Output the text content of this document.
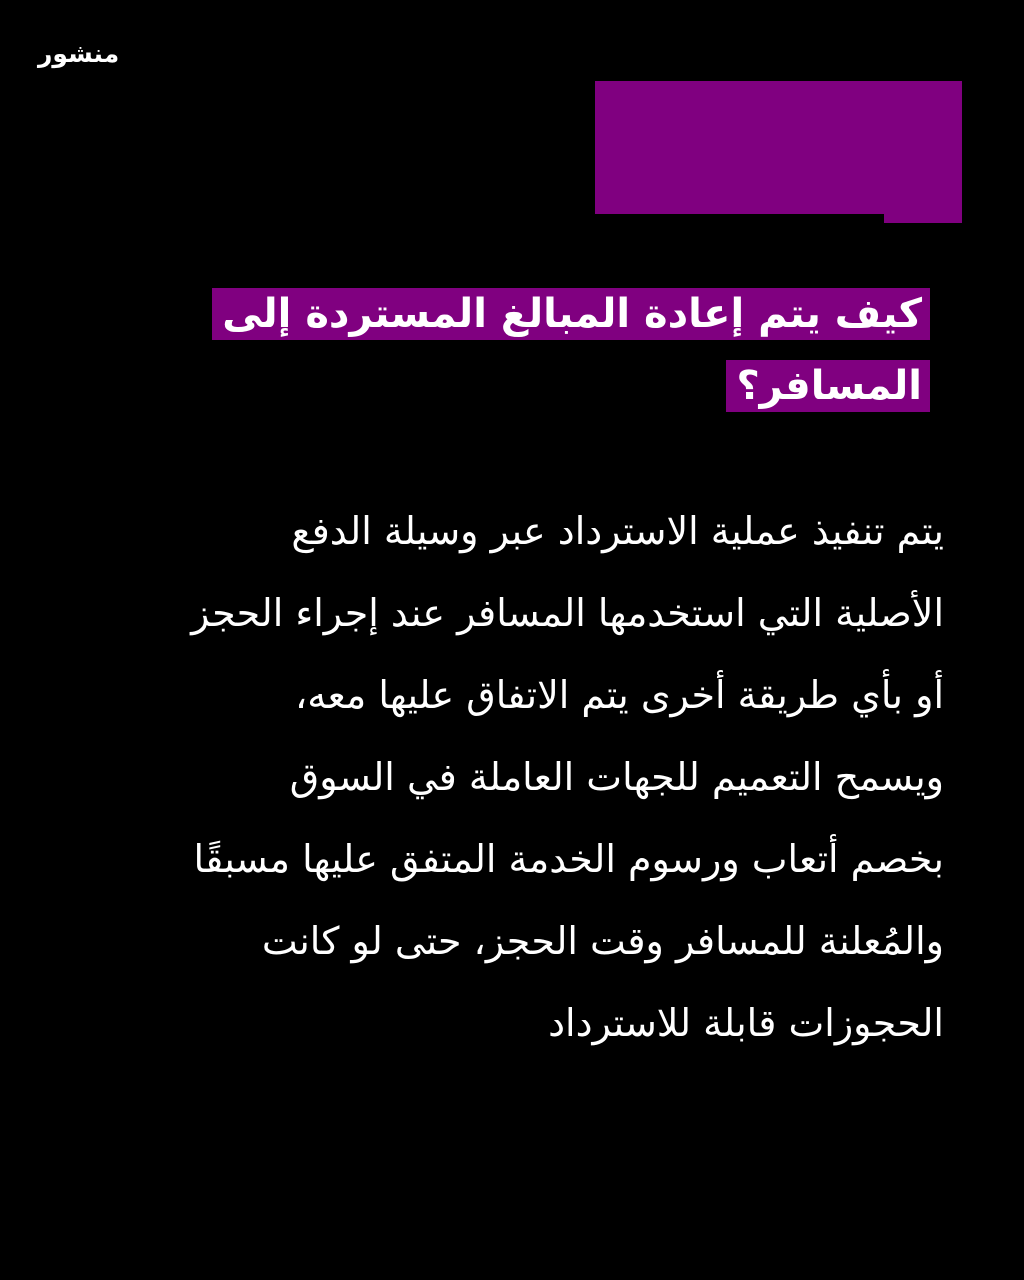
منشور
كيف يتم إعادة المبالغ المستردة إلى
المسافر؟
يتم تنفيذ عملية الاسترداد عبر وسيلة الدفع
الأصلية التي استخدمها المسافر عند إجراء الحجز
أو بأي طريقة أخرى يتم الاتفاق عليها معه،
ويسمح التعميم للجهات العاملة في السوق
بخصم أتعاب ورسوم الخدمة المتفق عليها مسبقًا
والمُعلنة للمسافر وقت الحجز، حتى لو كانت
الحجوزات قابلة للاسترداد
